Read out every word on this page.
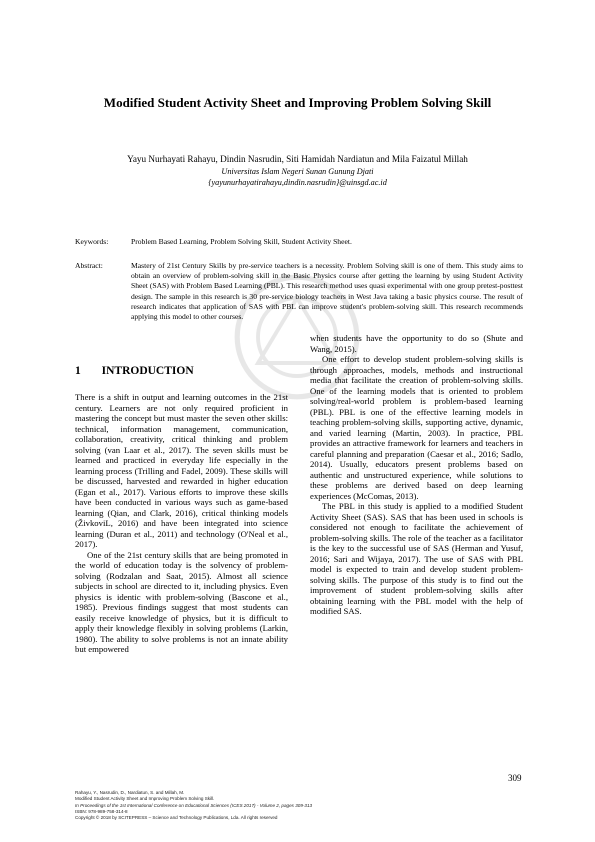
Modified Student Activity Sheet and Improving Problem Solving Skill
Yayu Nurhayati Rahayu, Dindin Nasrudin, Siti Hamidah Nardiatun and Mila Faizatul Millah
Universitas Islam Negeri Sunan Gunung Djati
{yayunurhayatirahayu,dindin.nasrudin}@uinsgd.ac.id
Keywords:	Problem Based Learning, Problem Solving Skill, Student Activity Sheet.
Abstract:	Mastery of 21st Century Skills by pre-service teachers is a necessity. Problem Solving skill is one of them. This study aims to obtain an overview of problem-solving skill in the Basic Physics course after getting the learning by using Student Activity Sheet (SAS) with Problem Based Learning (PBL). This research method uses quasi experimental with one group pretest-posttest design. The sample in this research is 30 pre-service biology teachers in West Java taking a basic physics course. The result of research indicates that application of SAS with PBL can improve student's problem-solving skill. This research recommends applying this model to other courses.
1 INTRODUCTION

There is a shift in output and learning outcomes in the 21st century. Learners are not only required proficient in mastering the concept but must master the seven other skills: technical, information management, communication, collaboration, creativity, critical thinking and problem solving (van Laar et al., 2017). The seven skills must be learned and practiced in everyday life especially in the learning process (Trilling and Fadel, 2009). These skills will be discussed, harvested and rewarded in higher education (Egan et al., 2017). Various efforts to improve these skills have been conducted in various ways such as game-based learning (Qian, and Clark, 2016), critical thinking models (ŽivkoviL, 2016) and have been integrated into science learning (Duran et al., 2011) and technology (O'Neal et al., 2017).

One of the 21st century skills that are being promoted in the world of education today is the solvency of problem-solving (Rodzalan and Saat, 2015). Almost all science subjects in school are directed to it, including physics. Even physics is identic with problem-solving (Bascone et al., 1985). Previous findings suggest that most students can easily receive knowledge of physics, but it is difficult to apply their knowledge flexibly in solving problems (Larkin, 1980). The ability to solve problems is not an innate ability but empowered

when students have the opportunity to do so (Shute and Wang, 2015).

One effort to develop student problem-solving skills is through approaches, models, methods and instructional media that facilitate the creation of problem-solving skills. One of the learning models that is oriented to problem solving/real-world problem is problem-based learning (PBL). PBL is one of the effective learning models in teaching problem-solving skills, supporting active, dynamic, and varied learning (Martin, 2003). In practice, PBL provides an attractive framework for learners and teachers in careful planning and preparation (Caesar et al., 2016; Sadlo, 2014). Usually, educators present problems based on authentic and unstructured experience, while solutions to these problems are derived based on deep learning experiences (McComas, 2013).

The PBL in this study is applied to a modified Student Activity Sheet (SAS). SAS that has been used in schools is considered not enough to facilitate the achievement of problem-solving skills. The role of the teacher as a facilitator is the key to the successful use of SAS (Herman and Yusuf, 2016; Sari and Wijaya, 2017). The use of SAS with PBL model is expected to train and develop student problem-solving skills. The purpose of this study is to find out the improvement of student problem-solving skills after obtaining learning with the PBL model with the help of modified SAS.

309
Rahayu, Y., Nasrudin, D., Nardiatun, S. and Millah, M.
Modified Student Activity Sheet and Improving Problem Solving Skill.
In Proceedings of the 1st International Conference on Educational Sciences (ICES 2017) - Volume 2, pages 309-313
ISBN: 978-989-758-314-8
Copyright © 2018 by SCITEPRESS – Science and Technology Publications, Lda. All rights reserved
